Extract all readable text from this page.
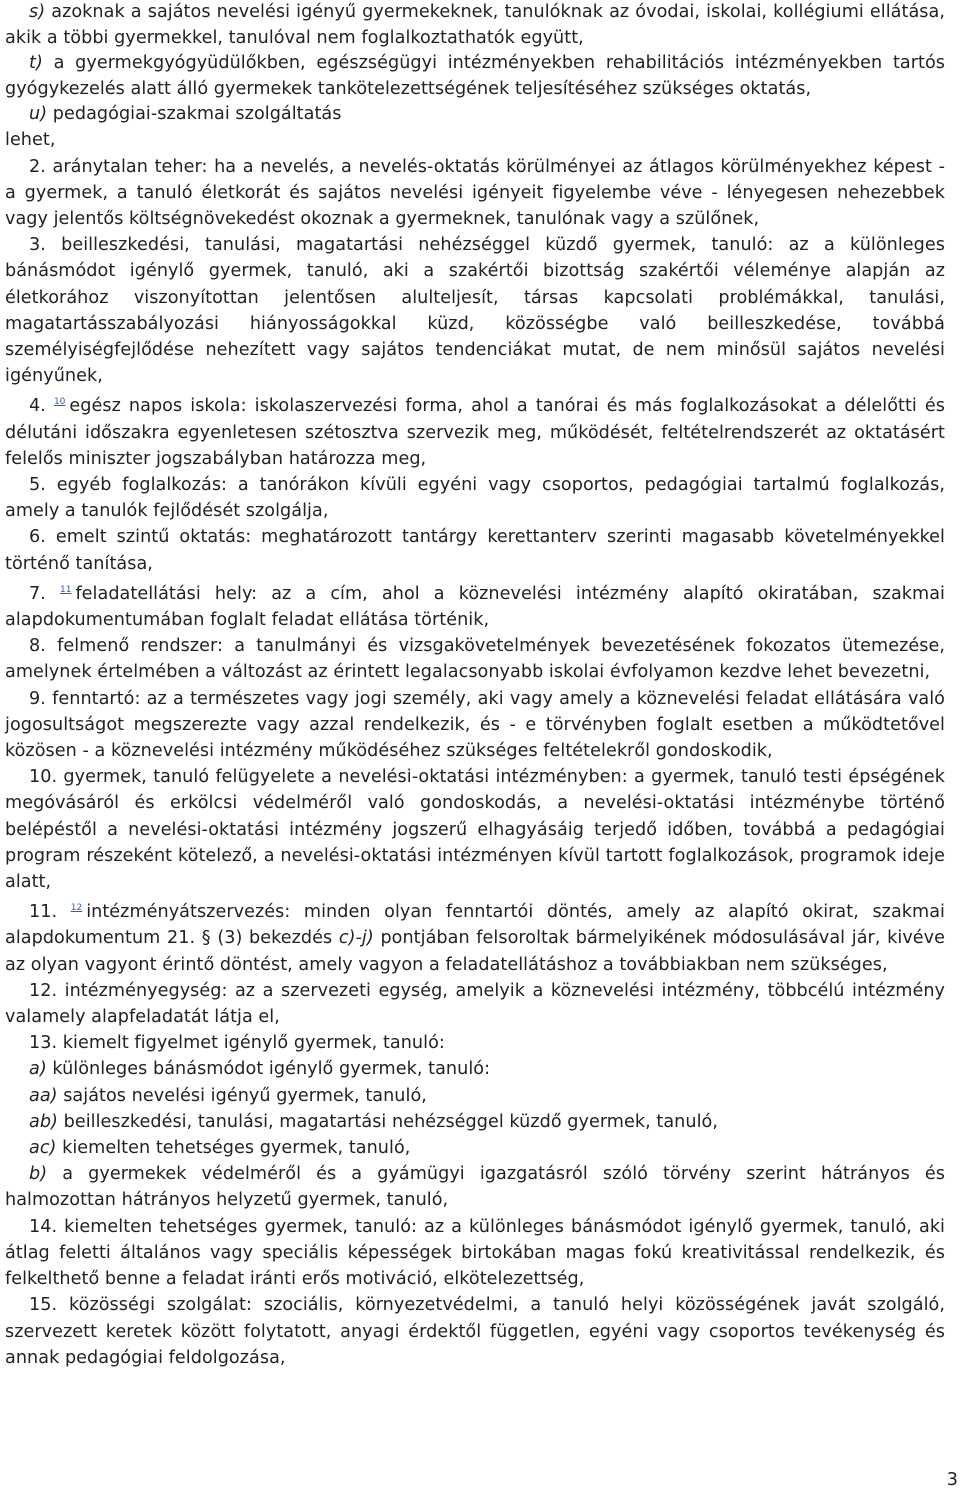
s) azoknak a sajátos nevelési igényű gyermekeknek, tanulóknak az óvodai, iskolai, kollégiumi ellátása, akik a többi gyermekkel, tanulóval nem foglalkoztathatók együtt,

t) a gyermekgyógyüdülőkben, egészségügyi intézményekben rehabilitációs intézményekben tartós gyógykezelés alatt álló gyermekek tankötelezettségének teljesítéséhez szükséges oktatás,

u) pedagógiai-szakmai szolgáltatás

lehet,

2. aránytalan teher: ha a nevelés, a nevelés-oktatás körülményei az átlagos körülményekhez képest - a gyermek, a tanuló életkorát és sajátos nevelési igényeit figyelembe véve - lényegesen nehezebbek vagy jelentős költségnövekedést okoznak a gyermeknek, tanulónak vagy a szülőnek,

3. beilleszkedési, tanulási, magatartási nehézséggel küzdő gyermek, tanuló: az a különleges bánásmódot igénylő gyermek, tanuló, aki a szakértői bizottság szakértői véleménye alapján az életkorához viszonyítottan jelentősen alulteljesít, társas kapcsolati problémákkal, tanulási, magatartásszabályozási hiányosságokkal küzd, közösségbe való beilleszkedése, továbbá személyiségfejlődése nehezített vagy sajátos tendenciákat mutat, de nem minősül sajátos nevelési igényűnek,

4. $^{10}$ egész napos iskola: iskolaszervezési forma, ahol a tanórai és más foglalkozásokat a délelőtti és délutáni időszakra egyenletesen szétosztva szervezik meg, működését, feltételrendszerét az oktatásért felelős miniszter jogszabályban határozza meg,

5. egyéb foglalkozás: a tanórákon kívüli egyéni vagy csoportos, pedagógiai tartalmú foglalkozás, amely a tanulók fejlődését szolgálja,

6. emelt szintű oktatás: meghatározott tantárgy kerettanterv szerinti magasabb követelményekkel történő tanítása,

7. $^{11}$ feladatellátási hely: az a cím, ahol a köznevelési intézmény alapító okiratában, szakmai alapdokumentumában foglalt feladat ellátása történik,

8. felmenő rendszer: a tanulmányi és vizsgakövetelmények bevezetésének fokozatos ütemezése, amelynek értelmében a változást az érintett legalacsonyabb iskolai évfolyamon kezdve lehet bevezetni,

9. fenntartó: az a természetes vagy jogi személy, aki vagy amely a köznevelési feladat ellátására való jogosultságot megszerezte vagy azzal rendelkezik, és - e törvényben foglalt esetben a működtetővel közösen - a köznevelési intézmény működéséhez szükséges feltételekről gondoskodik,

10. gyermek, tanuló felügyelete a nevelési-oktatási intézményben: a gyermek, tanuló testi épségének megóvásáról és erkölcsi védelméről való gondoskodás, a nevelési-oktatási intézménybe történő belépéstől a nevelési-oktatási intézmény jogszerű elhagyásáig terjedő időben, továbbá a pedagógiai program részeként kötelező, a nevelési-oktatási intézményen kívül tartott foglalkozások, programok ideje alatt,

11. $^{12}$ intézményátszervezés: minden olyan fenntartói döntés, amely az alapító okirat, szakmai alapdokumentum 21. § (3) bekezdés c)-j) pontjában felsoroltak bármelyikének módosulásával jár, kivéve az olyan vagyont érintő döntést, amely vagyon a feladatellátáshoz a továbbiakban nem szükséges,

12. intézményegység: az a szervezeti egység, amelyik a köznevelési intézmény, többcélú intézmény valamely alapfeladatát látja el,

13. kiemelt figyelmet igénylő gyermek, tanuló:

a) különleges bánásmódot igénylő gyermek, tanuló:

aa) sajátos nevelési igényű gyermek, tanuló,

ab) beilleszkedési, tanulási, magatartási nehézséggel küzdő gyermek, tanuló,

ac) kiemelten tehetséges gyermek, tanuló,

b) a gyermekek védelméről és a gyámügyi igazgatásról szóló törvény szerint hátrányos és halmozottan hátrányos helyzetű gyermek, tanuló,

14. kiemelten tehetséges gyermek, tanuló: az a különleges bánásmódot igénylő gyermek, tanuló, aki átlag feletti általános vagy speciális képességek birtokában magas fokú kreativitással rendelkezik, és felkelthető benne a feladat iránti erős motiváció, elkötelezettség,

15. közösségi szolgálat: szociális, környezetvédelmi, a tanuló helyi közösségének javát szolgáló, szervezett keretek között folytatott, anyagi érdektől független, egyéni vagy csoportos tevékenység és annak pedagógiai feldolgozása,

3
